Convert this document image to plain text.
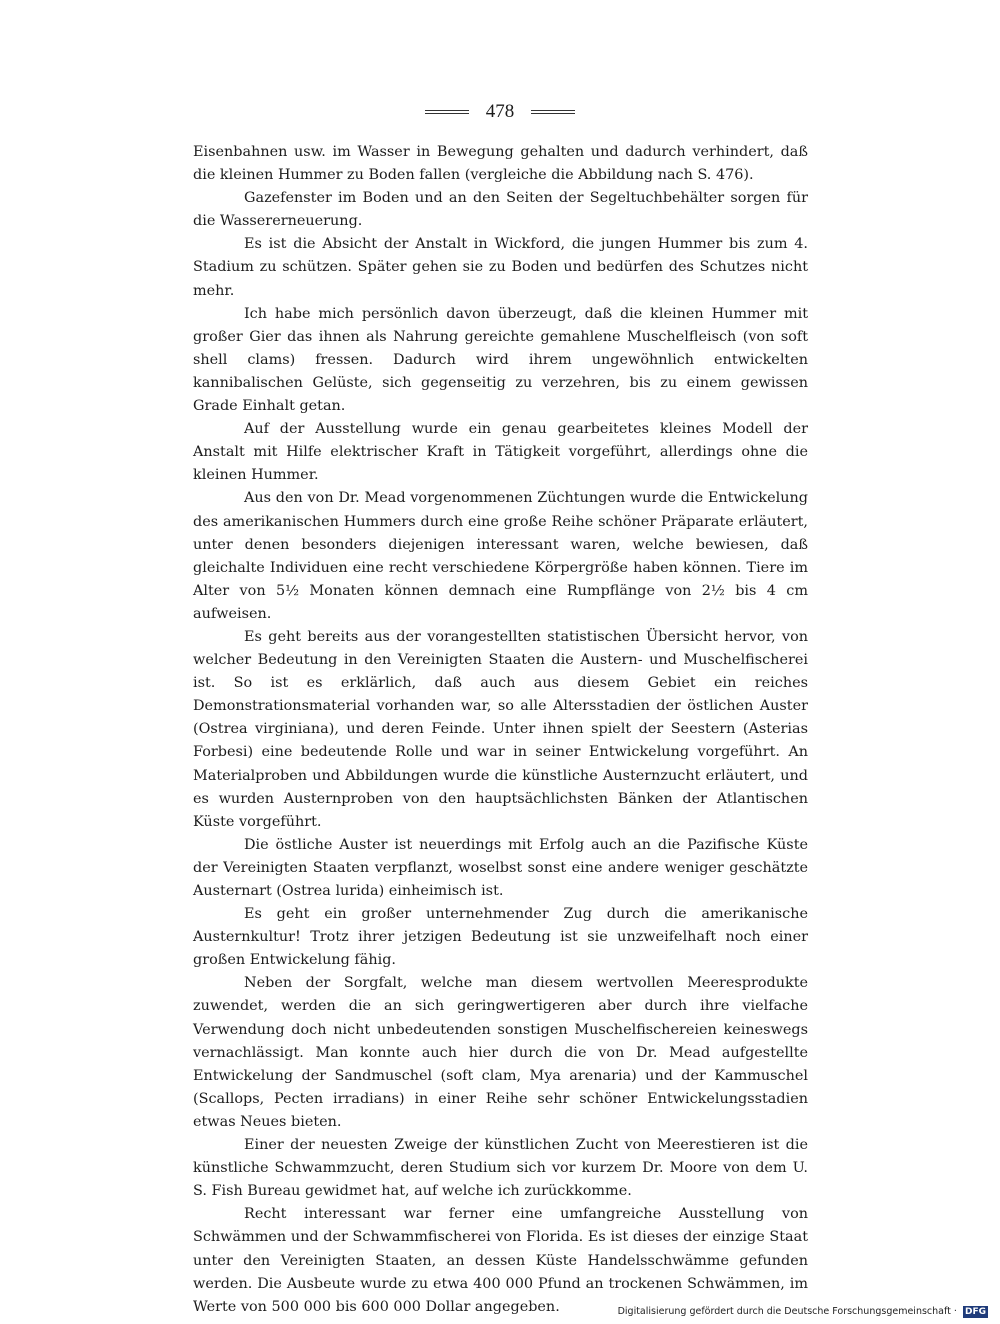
478

Eisenbahnen usw. im Wasser in Bewegung gehalten und dadurch verhindert, daß die kleinen Hummer zu Boden fallen (vergleiche die Abbildung nach S. 476).

Gazefenster im Boden und an den Seiten der Segeltuchbehälter sorgen für die Wassererneuerung.

Es ist die Absicht der Anstalt in Wickford, die jungen Hummer bis zum 4. Stadium zu schützen. Später gehen sie zu Boden und bedürfen des Schutzes nicht mehr.

Ich habe mich persönlich davon überzeugt, daß die kleinen Hummer mit großer Gier das ihnen als Nahrung gereichte gemahlene Muschelfleisch (von soft shell clams) fressen. Dadurch wird ihrem ungewöhnlich entwickelten kannibalischen Gelüste, sich gegenseitig zu verzehren, bis zu einem gewissen Grade Einhalt getan.

Auf der Ausstellung wurde ein genau gearbeitetes kleines Modell der Anstalt mit Hilfe elektrischer Kraft in Tätigkeit vorgeführt, allerdings ohne die kleinen Hummer.

Aus den von Dr. Mead vorgenommenen Züchtungen wurde die Entwickelung des amerikanischen Hummers durch eine große Reihe schöner Präparate erläutert, unter denen besonders diejenigen interessant waren, welche bewiesen, daß gleichalte Individuen eine recht verschiedene Körpergröße haben können. Tiere im Alter von 5½ Monaten können demnach eine Rumpflänge von 2½ bis 4 cm aufweisen.

Es geht bereits aus der vorangestellten statistischen Übersicht hervor, von welcher Bedeutung in den Vereinigten Staaten die Austern- und Muschelfischerei ist. So ist es erklärlich, daß auch aus diesem Gebiet ein reiches Demonstrationsmaterial vorhanden war, so alle Altersstadien der östlichen Auster (Ostrea virginiana), und deren Feinde. Unter ihnen spielt der Seestern (Asterias Forbesi) eine bedeutende Rolle und war in seiner Entwickelung vorgeführt. An Materialproben und Abbildungen wurde die künstliche Austernzucht erläutert, und es wurden Austernproben von den hauptsächlichsten Bänken der Atlantischen Küste vorgeführt.

Die östliche Auster ist neuerdings mit Erfolg auch an die Pazifische Küste der Vereinigten Staaten verpflanzt, woselbst sonst eine andere weniger geschätzte Austernart (Ostrea lurida) einheimisch ist.

Es geht ein großer unternehmender Zug durch die amerikanische Austernkultur! Trotz ihrer jetzigen Bedeutung ist sie unzweifelhaft noch einer großen Entwickelung fähig.

Neben der Sorgfalt, welche man diesem wertvollen Meeresprodukte zuwendet, werden die an sich geringwertigeren aber durch ihre vielfache Verwendung doch nicht unbedeutenden sonstigen Muschelfischereien keineswegs vernachlässigt. Man konnte auch hier durch die von Dr. Mead aufgestellte Entwickelung der Sandmuschel (soft clam, Mya arenaria) und der Kammuschel (Scallops, Pecten irradians) in einer Reihe sehr schöner Entwickelungsstadien etwas Neues bieten.

Einer der neuesten Zweige der künstlichen Zucht von Meerestieren ist die künstliche Schwammzucht, deren Studium sich vor kurzem Dr. Moore von dem U. S. Fish Bureau gewidmet hat, auf welche ich zurückkomme.

Recht interessant war ferner eine umfangreiche Ausstellung von Schwämmen und der Schwammfischerei von Florida. Es ist dieses der einzige Staat unter den Vereinigten Staaten, an dessen Küste Handelsschwämme gefunden werden. Die Ausbeute wurde zu etwa 400 000 Pfund an trockenen Schwämmen, im Werte von 500 000 bis 600 000 Dollar angegeben.	Digitalisierung gefördert durch die Deutsche Forschungsgemeinschaft · DFG
